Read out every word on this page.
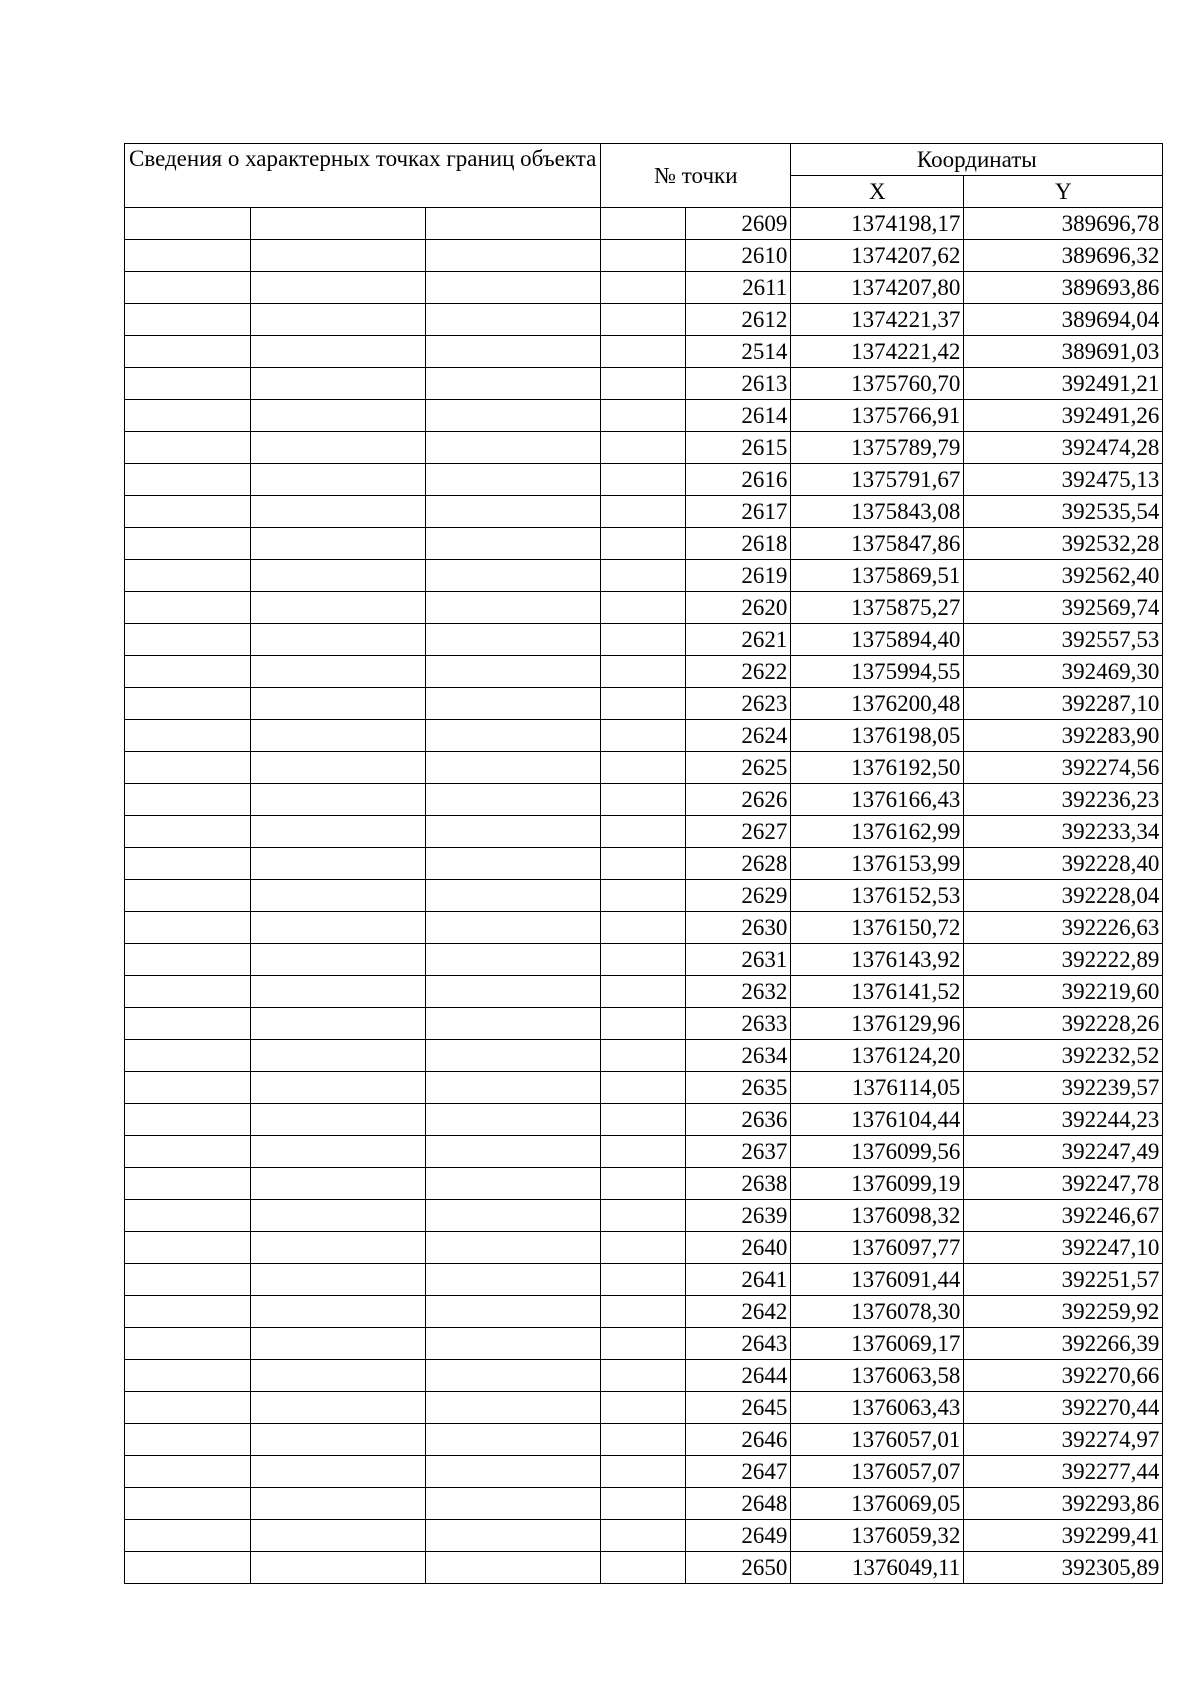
Сведения о характерных точках границ объекта			№ точки		Координаты	
					X	Y
				2609	1374198,17	389696,78
				2610	1374207,62	389696,32
				2611	1374207,80	389693,86
				2612	1374221,37	389694,04
				2514	1374221,42	389691,03
				2613	1375760,70	392491,21
				2614	1375766,91	392491,26
				2615	1375789,79	392474,28
				2616	1375791,67	392475,13
				2617	1375843,08	392535,54
				2618	1375847,86	392532,28
				2619	1375869,51	392562,40
				2620	1375875,27	392569,74
				2621	1375894,40	392557,53
				2622	1375994,55	392469,30
				2623	1376200,48	392287,10
				2624	1376198,05	392283,90
				2625	1376192,50	392274,56
				2626	1376166,43	392236,23
				2627	1376162,99	392233,34
				2628	1376153,99	392228,40
				2629	1376152,53	392228,04
				2630	1376150,72	392226,63
				2631	1376143,92	392222,89
				2632	1376141,52	392219,60
				2633	1376129,96	392228,26
				2634	1376124,20	392232,52
				2635	1376114,05	392239,57
				2636	1376104,44	392244,23
				2637	1376099,56	392247,49
				2638	1376099,19	392247,78
				2639	1376098,32	392246,67
				2640	1376097,77	392247,10
				2641	1376091,44	392251,57
				2642	1376078,30	392259,92
				2643	1376069,17	392266,39
				2644	1376063,58	392270,66
				2645	1376063,43	392270,44
				2646	1376057,01	392274,97
				2647	1376057,07	392277,44
				2648	1376069,05	392293,86
				2649	1376059,32	392299,41
				2650	1376049,11	392305,89
